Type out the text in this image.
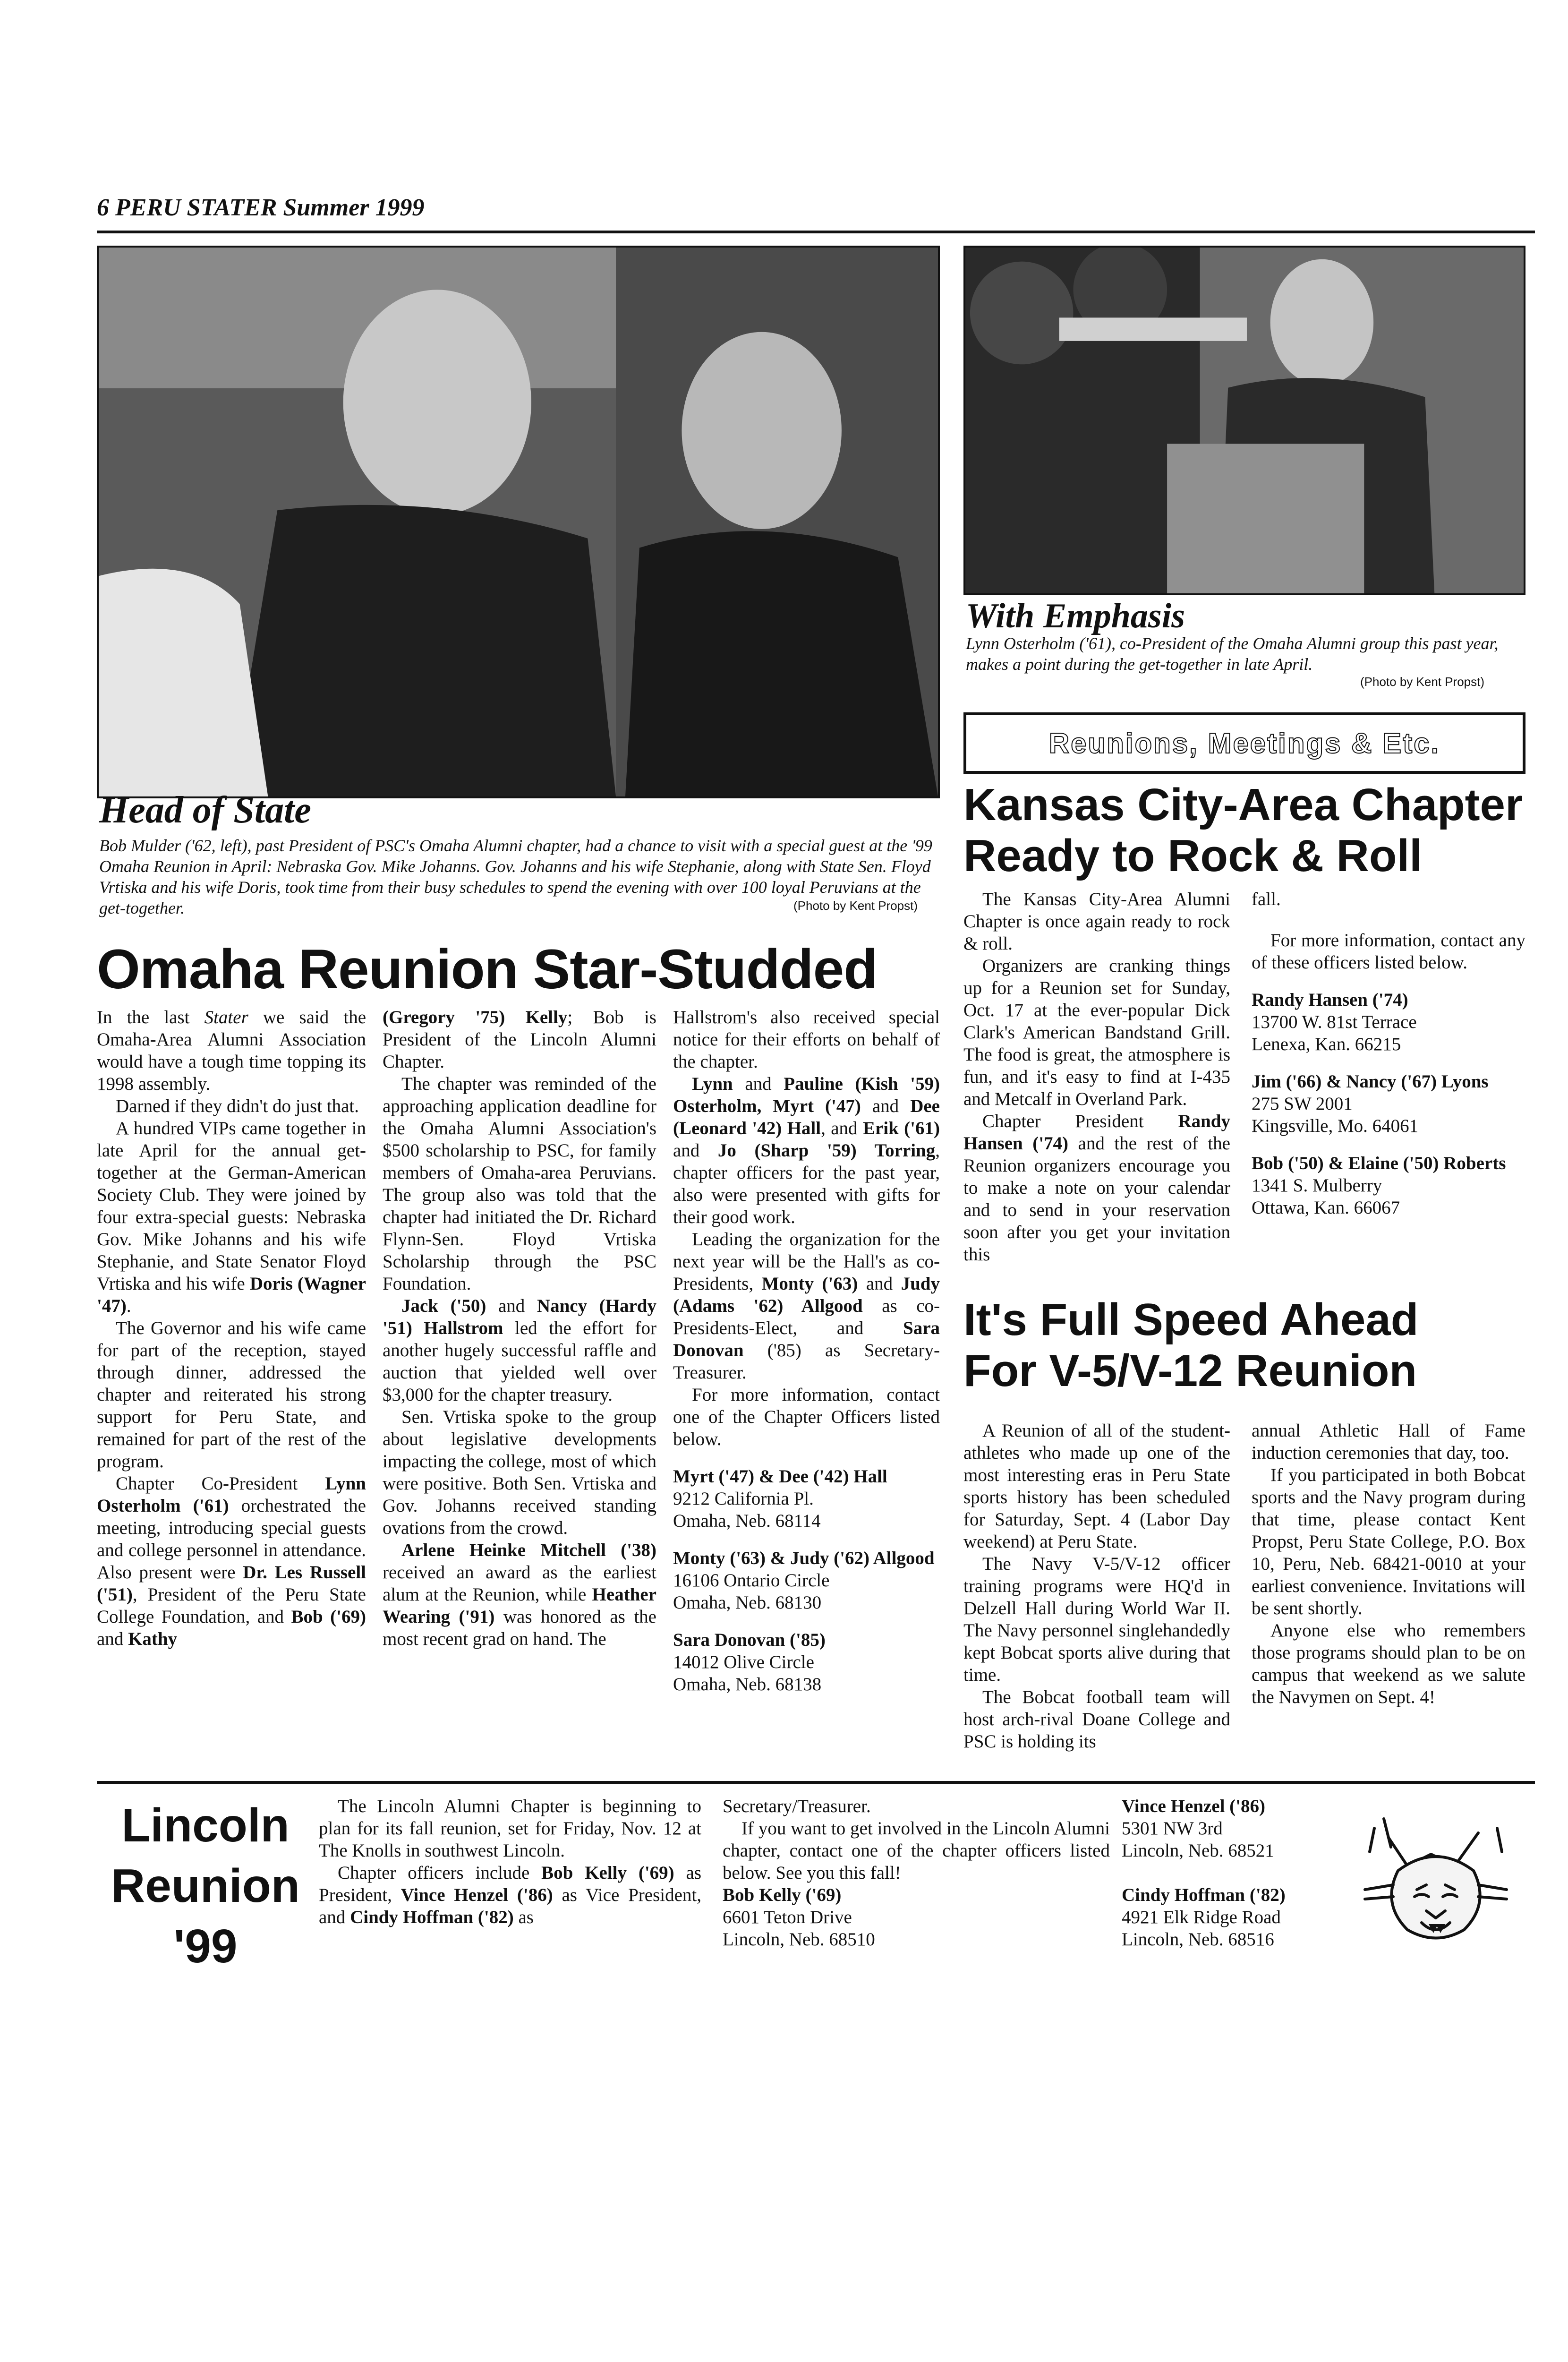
6 PERU STATER Summer 1999
Head of State
Bob Mulder ('62, left), past President of PSC's Omaha Alumni chapter, had a chance to visit with a special guest at the '99 Omaha Reunion in April: Nebraska Gov. Mike Johanns. Gov. Johanns and his wife Stephanie, along with State Sen. Floyd Vrtiska and his wife Doris, took time from their busy schedules to spend the evening with over 100 loyal Peruvians at the get-together.	(Photo by Kent Propst)
With Emphasis
Lynn Osterholm ('61), co-President of the Omaha Alumni group this past year, makes a point during the get-together in late April.
(Photo by Kent Propst)
Reunions, Meetings & Etc.
Omaha Reunion Star-Studded

In the last Stater we said the Omaha-Area Alumni Association would have a tough time topping its 1998 assembly.

Darned if they didn't do just that.

A hundred VIPs came together in late April for the annual get-together at the German-American Society Club. They were joined by four extra-special guests: Nebraska Gov. Mike Johanns and his wife Stephanie, and State Senator Floyd Vrtiska and his wife Doris (Wagner '47).

The Governor and his wife came for part of the reception, stayed through dinner, addressed the chapter and reiterated his strong support for Peru State, and remained for part of the rest of the program.

Chapter Co-President Lynn Osterholm ('61) orchestrated the meeting, introducing special guests and college personnel in attendance. Also present were Dr. Les Russell ('51), President of the Peru State College Foundation, and Bob ('69) and Kathy

(Gregory '75) Kelly; Bob is President of the Lincoln Alumni Chapter.

The chapter was reminded of the approaching application deadline for the Omaha Alumni Association's $500 scholarship to PSC, for family members of Omaha-area Peruvians. The group also was told that the chapter had initiated the Dr. Richard Flynn-Sen. Floyd Vrtiska Scholarship through the PSC Foundation.

Jack ('50) and Nancy (Hardy '51) Hallstrom led the effort for another hugely successful raffle and auction that yielded well over $3,000 for the chapter treasury.

Sen. Vrtiska spoke to the group about legislative developments impacting the college, most of which were positive. Both Sen. Vrtiska and Gov. Johanns received standing ovations from the crowd.

Arlene Heinke Mitchell ('38) received an award as the earliest alum at the Reunion, while Heather Wearing ('91) was honored as the most recent grad on hand. The

Hallstrom's also received special notice for their efforts on behalf of the chapter.

Lynn and Pauline (Kish '59) Osterholm, Myrt ('47) and Dee (Leonard '42) Hall, and Erik ('61) and Jo (Sharp '59) Torring, chapter officers for the past year, also were presented with gifts for their good work.

Leading the organization for the next year will be the Hall's as co-Presidents, Monty ('63) and Judy (Adams '62) Allgood as co-Presidents-Elect, and Sara Donovan ('85) as Secretary-Treasurer.

For more information, contact one of the Chapter Officers listed below.

Myrt ('47) & Dee ('42) Hall
9212 California Pl.
Omaha, Neb. 68114
Monty ('63) & Judy ('62) Allgood
16106 Ontario Circle
Omaha, Neb. 68130
Sara Donovan ('85)
14012 Olive Circle
Omaha, Neb. 68138
Kansas City-Area Chapter
Ready to Rock & Roll

The Kansas City-Area Alumni Chapter is once again ready to rock & roll.

Organizers are cranking things up for a Reunion set for Sunday, Oct. 17 at the ever-popular Dick Clark's American Bandstand Grill. The food is great, the atmosphere is fun, and it's easy to find at I-435 and Metcalf in Overland Park.

Chapter President Randy Hansen ('74) and the rest of the Reunion organizers encourage you to make a note on your calendar and to send in your reservation soon after you get your invitation this

fall.

For more information, contact any of these officers listed below.

Randy Hansen ('74)
13700 W. 81st Terrace
Lenexa, Kan. 66215
Jim ('66) & Nancy ('67) Lyons
275 SW 2001
Kingsville, Mo. 64061
Bob ('50) & Elaine ('50) Roberts
1341 S. Mulberry
Ottawa, Kan. 66067
It's Full Speed Ahead
For V-5/V-12 Reunion

A Reunion of all of the student-athletes who made up one of the most interesting eras in Peru State sports history has been scheduled for Saturday, Sept. 4 (Labor Day weekend) at Peru State.

The Navy V-5/V-12 officer training programs were HQ'd in Delzell Hall during World War II. The Navy personnel singlehandedly kept Bobcat sports alive during that time.

The Bobcat football team will host arch-rival Doane College and PSC is holding its

annual Athletic Hall of Fame induction ceremonies that day, too.

If you participated in both Bobcat sports and the Navy program during that time, please contact Kent Propst, Peru State College, P.O. Box 10, Peru, Neb. 68421-0010 at your earliest convenience. Invitations will be sent shortly.

Anyone else who remembers those programs should plan to be on campus that weekend as we salute the Navymen on Sept. 4!

Lincoln
Reunion
'99

The Lincoln Alumni Chapter is beginning to plan for its fall reunion, set for Friday, Nov. 12 at The Knolls in southwest Lincoln.

Chapter officers include Bob Kelly ('69) as President, Vince Henzel ('86) as Vice President, and Cindy Hoffman ('82) as

Secretary/Treasurer.

If you want to get involved in the Lincoln Alumni chapter, contact one of the chapter officers listed below. See you this fall!

Bob Kelly ('69)
6601 Teton Drive
Lincoln, Neb. 68510
Vince Henzel ('86)
5301 NW 3rd
Lincoln, Neb. 68521
Cindy Hoffman ('82)
4921 Elk Ridge Road
Lincoln, Neb. 68516
